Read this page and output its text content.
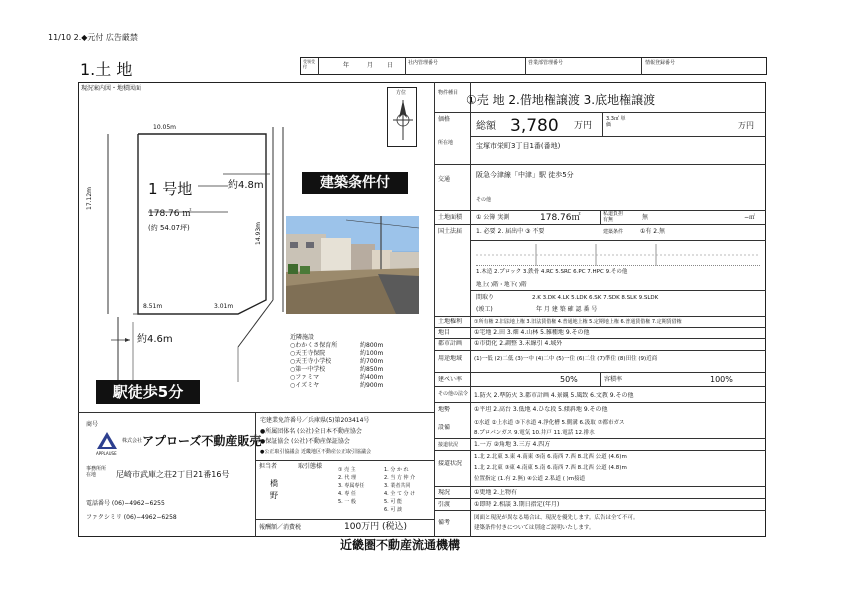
11/10 2.◆元付 広告厳禁
1.土 地	受領受付	年	月 日	社内管理番号	営業部管理番号	情報登録番号
現況案内図・地積図面
方位
10.05m
17.12m
14.93m
8.51m	3.01m
1 号地
178.76 ㎡
(約 54.07坪)
約4.8m
約4.6m
建築条件付
駅徒歩5分
近隣施設
○わかくさ保育所	約800m
○天王寺保院	約100m
○天王寺小学校	約700m
○第一中学校	約850m
○ファミマ	約400m
○イズミヤ	約900m
商号
APPLAUSE
株式会社 アプローズ不動産販売
事務所所在地	尼崎市武庫之荘2丁目21番16号
電話番号 (06)−4962−6255
ファクシミリ (06)−4962−6258
宅建業免許番号／兵庫県(5)第203414号
●所属団体名 (公社)全日本不動産協会
●保証協会 (公社)不動産保証協会
●公正取引協議会 近畿地区不動産公正取引協議会
担当者	取引態様
橋
野
① 売 主
2. 代 理
3. 専属専任
4. 専 任
5. 一 般
1. 分 か れ
2. 当 方 仲 介
3. 業者共同
4. 全 て 分 け
5. 可 能
6. 可 談
報酬額／消費税	100万円 (税込)
近畿圏不動産流通機構
物件種目 ①売 地 2.借地権譲渡 3.底地権譲渡
価格
総額 3,780 万円
3.3㎡ 単 価	万円
所在地	宝塚市栄町3丁目1番(番地)
交通
阪急今津線「中津」駅 徒歩5分
その他
土地面積 ① 公簿 実測	178.76㎡	私道負担 有無	無	−㎡
国土法届 1. 必要 2. 届出中 ③ 不要	建築条件	①有 2.無
1.木造 2.プロック 3.鉄骨 4.RC 5.SRC 6.PC 7.HPC 9.その他
地上( )階・地下( )階
間取り	2.K 3.DK 4.LK 5.LDK 6.SK 7.SDK 8.SLK 9.SLDK
(竣工)	年 月 建 築 確 認 番 号
土地権利	①所有権 2.旧法地上権 3.旧法賃借権 4.普通地上権 5.定期地上権 6.普通賃借権 7.定期賃借権
地目	①宅地 2.田 3.畑 4.山林 5.雑種地 9.その他
都市計画	①市街化 2.調整 3.未線引 4.域外
用途地域	(1)一低 (2)二低 (3)一中 (4)二中 (5)一住 (6)二住 (7)準住 (8)田住 (9)近商
建ぺい率	50%	容積率	100%
その他の法令 1.防火 2.準防火 3.都市計画 4.景観 5.風致 6.文教 9.その他
地勢	①平坦 2.高台 3.低地 4.ひな段 5.傾斜地 9.その他
設備
①水道 ②上水道 ③下水道 4.浄化槽 5.側溝 6.汲取 ⑦都市ガス
8.プロパンガス 9.電気 10.井戸 11.電話 12.排水
接道状況	1.一方 ②角地 3.三方 4.四方
接道状況
1.北 2.北東 3.東 4.南東 ⑤南 6.南西 7.西 8.北西 公道 (4.6)m
1.北 2.北東 ③東 4.南東 5.南 6.南西 7.西 8.北西 公道 (4.8)m
位置指定 (1.有 2.無) ④公道 2.私道 ( )m接道
現況	①更地 2.上物有
引渡	①即時 2.相談 3.期日指定(年月)
備考
図面と現況が異なる場合は、現況を優先します。広告は全て不可。
建築条件付きについては別途ご説明いたします。
